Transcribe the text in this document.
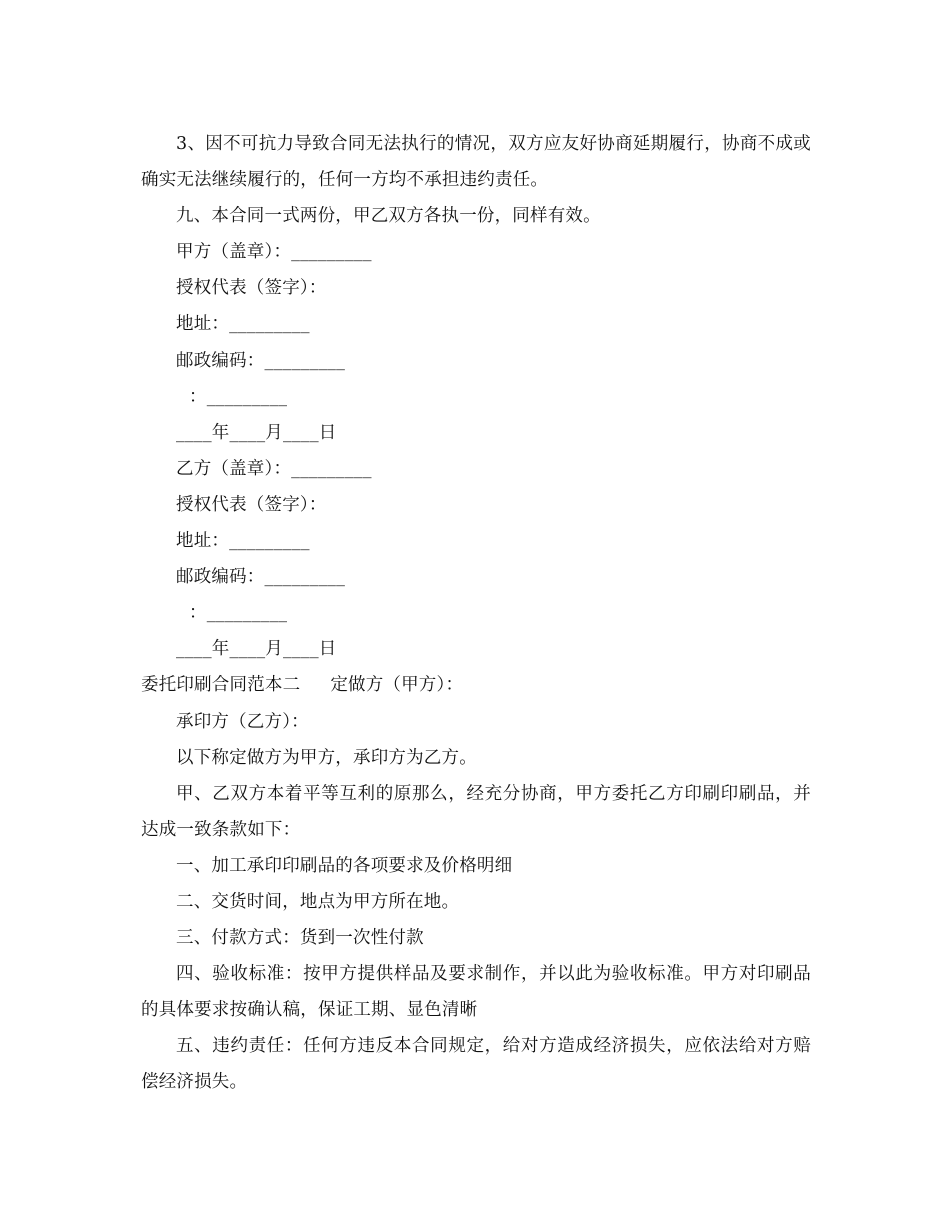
3、因不可抗力导致合同无法执行的情况，双方应友好协商延期履行，协商不成或确实无法继续履行的，任何一方均不承担违约责任。
九、本合同一式两份，甲乙双方各执一份，同样有效。
甲方（盖章）：_________
授权代表（签字）：
地址：_________
邮政编码：_________
：_________
____年____月____日
乙方（盖章）：_________
授权代表（签字）：
地址：_________
邮政编码：_________
：_________
____年____月____日
委托印刷合同范本二 定做方（甲方）：
承印方（乙方）：
以下称定做方为甲方，承印方为乙方。
甲、乙双方本着平等互利的原那么，经充分协商，甲方委托乙方印刷印刷品，并达成一致条款如下：
一、加工承印印刷品的各项要求及价格明细
二、交货时间，地点为甲方所在地。
三、付款方式：货到一次性付款
四、验收标准：按甲方提供样品及要求制作，并以此为验收标准。甲方对印刷品的具体要求按确认稿，保证工期、显色清晰
五、违约责任：任何方违反本合同规定，给对方造成经济损失，应依法给对方赔偿经济损失。
